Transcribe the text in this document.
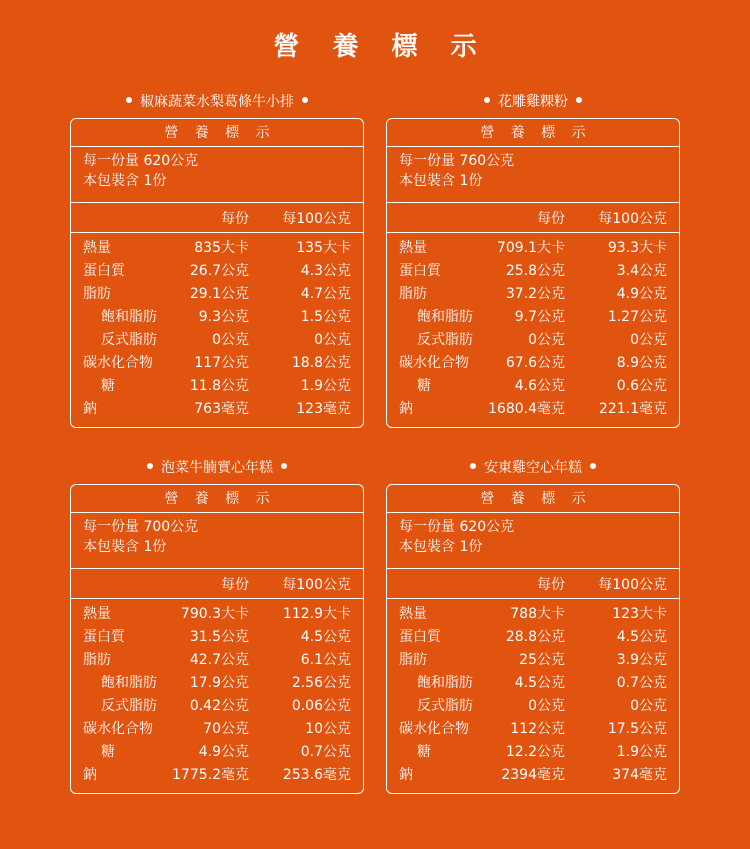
營 養 標 示
椒麻蔬菜水梨葛條牛小排
營 養 標 示
每一份量 620公克
本包裝含 1份
每份 每100公克
熱量	835大卡	135大卡
蛋白質	26.7公克	4.3公克
脂肪	29.1公克	4.7公克
飽和脂肪	9.3公克	1.5公克
反式脂肪	0公克	0公克
碳水化合物	117公克	18.8公克
糖	11.8公克	1.9公克
鈉	763毫克	123毫克
花雕雞粿粉
營 養 標 示
每一份量 760公克
本包裝含 1份
每份 每100公克
熱量	709.1大卡	93.3大卡
蛋白質	25.8公克	3.4公克
脂肪	37.2公克	4.9公克
飽和脂肪	9.7公克	1.27公克
反式脂肪	0公克	0公克
碳水化合物	67.6公克	8.9公克
糖	4.6公克	0.6公克
鈉	1680.4毫克 221.1毫克
泡菜牛腩實心年糕
營 養 標 示
每一份量 700公克
本包裝含 1份
每份 每100公克
熱量	790.3大卡 112.9大卡
蛋白質	31.5公克	4.5公克
脂肪	42.7公克	6.1公克
飽和脂肪 17.9公克	2.56公克
反式脂肪 0.42公克	0.06公克
碳水化合物	70公克	10公克
糖	4.9公克	0.7公克
鈉	1775.2毫克 253.6毫克
安東雞空心年糕
營 養 標 示
每一份量 620公克
本包裝含 1份
每份 每100公克
熱量	788大卡	123大卡
蛋白質	28.8公克	4.5公克
脂肪	25公克	3.9公克
飽和脂肪	4.5公克	0.7公克
反式脂肪	0公克	0公克
碳水化合物	112公克	17.5公克
糖	12.2公克	1.9公克
鈉	2394毫克	374毫克
